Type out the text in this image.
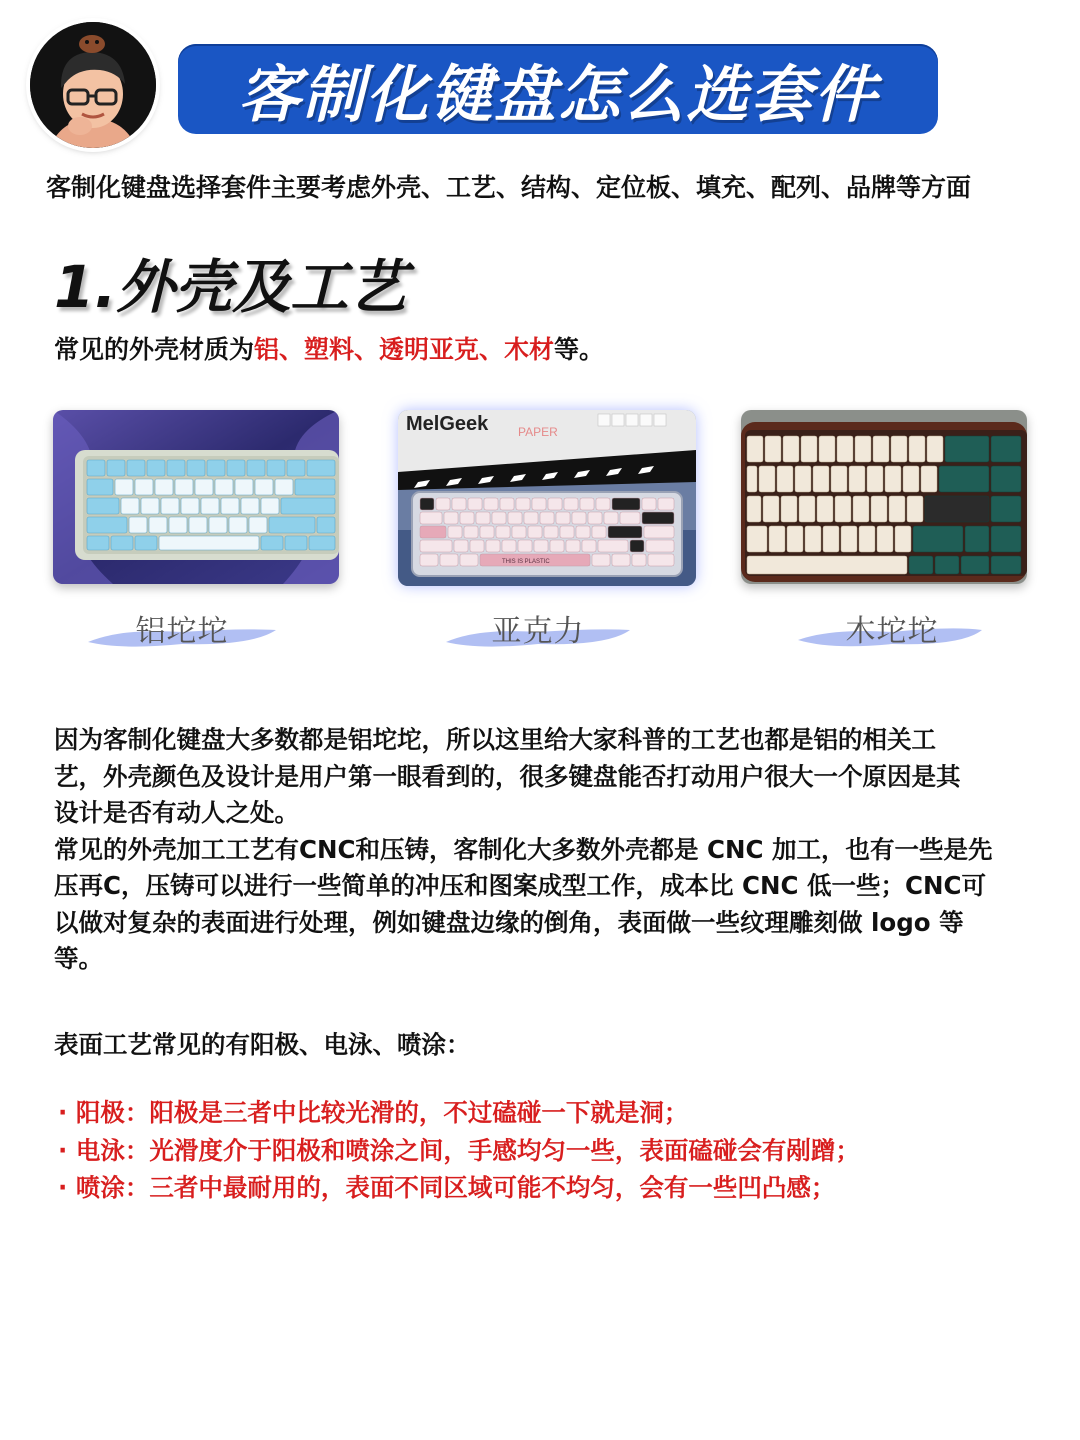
客制化键盘怎么选套件
客制化键盘选择套件主要考虑外壳、工艺、结构、定位板、填充、配列、品牌等方面
1.外壳及工艺
常见的外壳材质为铝、塑料、透明亚克、木材等。
MelGeek PAPER
THIS IS PLASTIC
铝坨坨	亚克力	木坨坨
因为客制化键盘大多数都是铝坨坨，所以这里给大家科普的工艺也都是铝的相关工
艺，外壳颜色及设计是用户第一眼看到的，很多键盘能否打动用户很大一个原因是其
设计是否有动人之处。
常见的外壳加工工艺有CNC和压铸，客制化大多数外壳都是 CNC 加工，也有一些是先
压再C，压铸可以进行一些简单的冲压和图案成型工作，成本比 CNC 低一些；CNC可
以做对复杂的表面进行处理，例如键盘边缘的倒角，表面做一些纹理雕刻做 logo 等
等。
表面工艺常见的有阳极、电泳、喷涂：
· 阳极：阳极是三者中比较光滑的，不过磕碰一下就是洞；
· 电泳：光滑度介于阳极和喷涂之间，手感均匀一些，表面磕碰会有剐蹭；
· 喷涂：三者中最耐用的，表面不同区域可能不均匀，会有一些凹凸感；
